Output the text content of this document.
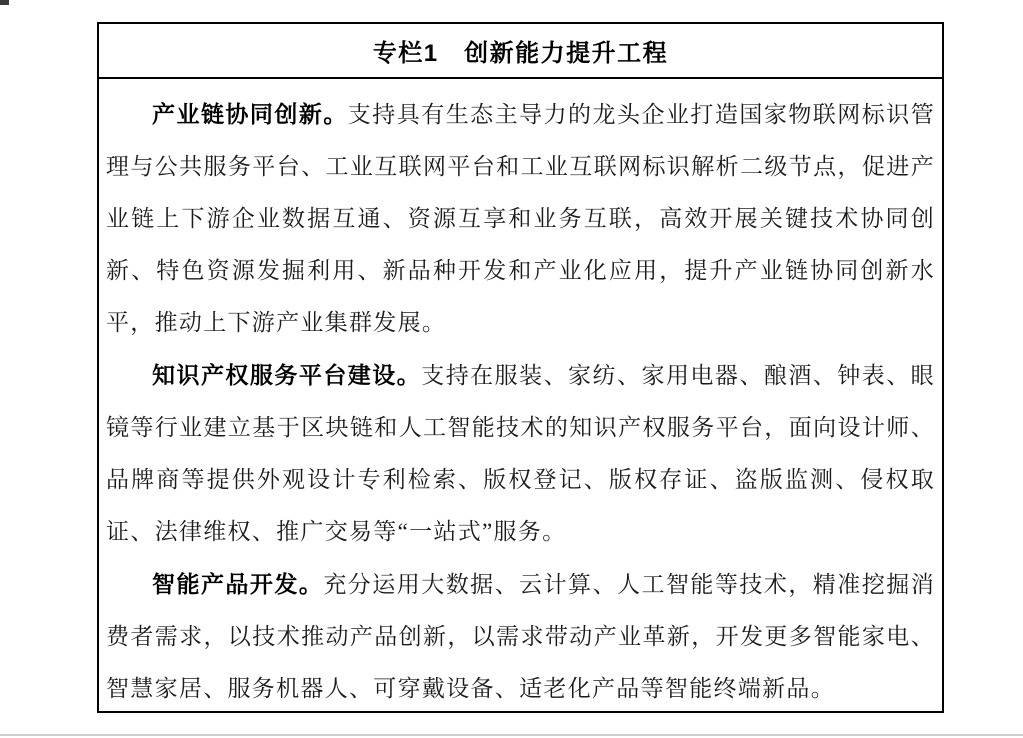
专栏1　创新能力提升工程

产业链协同创新。支持具有生态主导力的龙头企业打造国家物联网标识管理与公共服务平台、工业互联网平台和工业互联网标识解析二级节点，促进产业链上下游企业数据互通、资源互享和业务互联，高效开展关键技术协同创新、特色资源发掘利用、新品种开发和产业化应用，提升产业链协同创新水平，推动上下游产业集群发展。

知识产权服务平台建设。支持在服装、家纺、家用电器、酿酒、钟表、眼镜等行业建立基于区块链和人工智能技术的知识产权服务平台，面向设计师、品牌商等提供外观设计专利检索、版权登记、版权存证、盗版监测、侵权取证、法律维权、推广交易等“一站式”服务。

智能产品开发。充分运用大数据、云计算、人工智能等技术，精准挖掘消费者需求，以技术推动产品创新，以需求带动产业革新，开发更多智能家电、智慧家居、服务机器人、可穿戴设备、适老化产品等智能终端新品。
